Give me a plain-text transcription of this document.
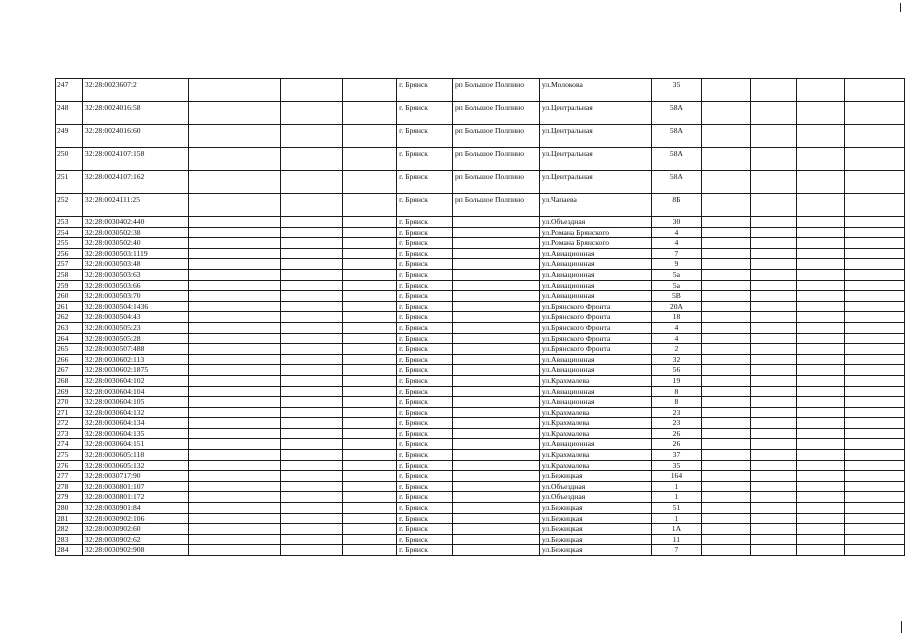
247	32:28:0023607:2				г. Брянск	рп Большое Полпино	ул.Молокова	35				
248	32:28:0024016:58				г. Брянск	рп Большое Полпино	ул.Центральная	58А				
249	32:28:0024016:60				г. Брянск	рп Большое Полпино	ул.Центральная	58А				
250	32:28:0024107:158				г. Брянск	рп Большое Полпино	ул.Центральная	58А				
251	32:28:0024107:162				г. Брянск	рп Большое Полпино	ул.Центральная	58А				
252	32:28:0024111:25				г. Брянск	рп Большое Полпино	ул.Чапаева	8Б				
253	32:28:0030402:440				г. Брянск		ул.Объездная	30				
254	32:28:0030502:38				г. Брянск		ул.Романа Брянского	4				
255	32:28:0030502:40				г. Брянск		ул.Романа Брянского	4				
256	32:28:0030503:1119				г. Брянск		ул.Авиационная	7				
257	32:28:0030503:48				г. Брянск		ул.Авиационная	9				
258	32:28:0030503:63				г. Брянск		ул.Авиационная	5а				
259	32:28:0030503:66				г. Брянск		ул.Авиационная	5а				
260	32:28:0030503:70				г. Брянск		ул.Авиационная	5В				
261	32:28:0030504:1436				г. Брянск		ул.Брянского Фронта	20А				
262	32:28:0030504:43				г. Брянск		ул.Брянского Фронта	18				
263	32:28:0030505:23				г. Брянск		ул.Брянского Фронта	4				
264	32:28:0030505:28				г. Брянск		ул.Брянского Фронта	4				
265	32:28:0030507:488				г. Брянск		ул.Брянского Фронта	2				
266	32:28:0030602:113				г. Брянск		ул.Авиационная	32				
267	32:28:0030602:1875				г. Брянск		ул.Авиационная	56				
268	32:28:0030604:102				г. Брянск		ул.Крахмалева	19				
269	32:28:0030604:104				г. Брянск		ул.Авиационная	8				
270	32:28:0030604:105				г. Брянск		ул.Авиационная	8				
271	32:28:0030604:132				г. Брянск		ул.Крахмалева	23				
272	32:28:0030604:134				г. Брянск		ул.Крахмалева	23				
273	32:28:0030604:135				г. Брянск		ул.Крахмалева	26				
274	32:28:0030604:151				г. Брянск		ул.Авиационная	26				
275	32:28:0030605:118				г. Брянск		ул.Крахмалева	37				
276	32:28:0030605:132				г. Брянск		ул.Крахмалева	35				
277	32:28:0030717:90				г. Брянск		ул.Бежицкая	164				
278	32:28:0030801:107				г. Брянск		ул.Объездная	1				
279	32:28:0030801:172				г. Брянск		ул.Объездная	1				
280	32:28:0030901:84				г. Брянск		ул.Бежицкая	51				
281	32:28:0030902:106				г. Брянск		ул.Бежицкая	1				
282	32:28:0030902:60				г. Брянск		ул.Бежицкая	1А				
283	32:28:0030902:62				г. Брянск		ул.Бежицкая	11				
284	32:28:0030902:908				г. Брянск		ул.Бежицкая	7				
